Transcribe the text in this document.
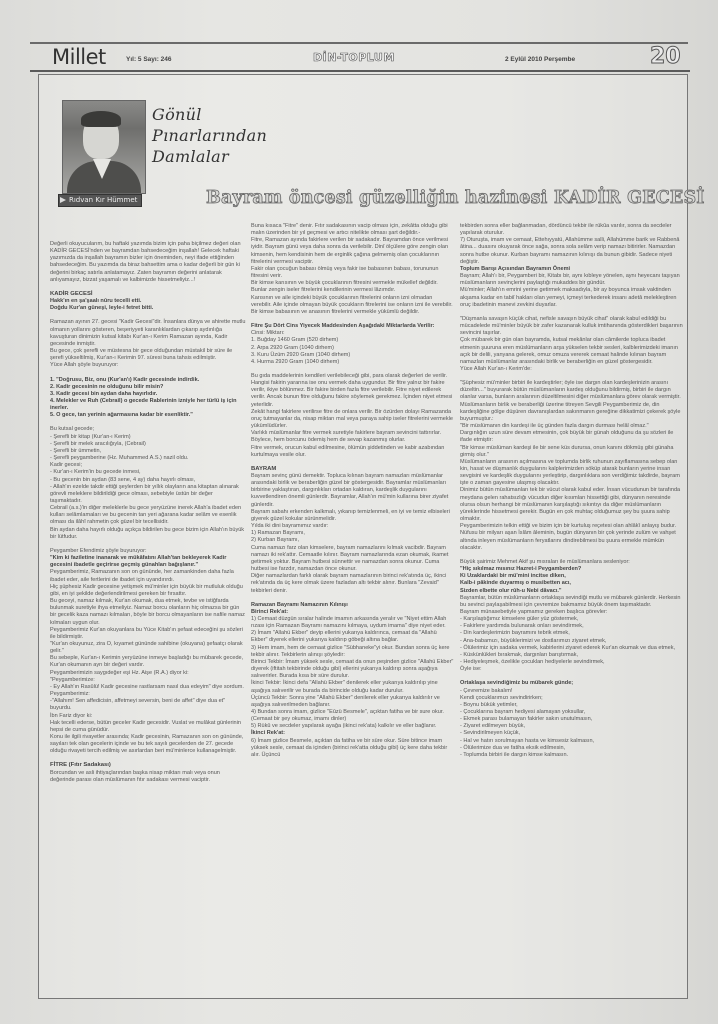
Millet	Yıl: 5 Sayı: 246	DİN-TOPLUM	2 Eylül 2010 Perşembe	20
Rıdvan Kır Hümmet
Gönül
Pınarlarından
Damlalar
Bayram öncesi güzelliğin hazinesi KADİR GECESİ

Değerli okuyucularım, bu haftaki yazımda bizim için paha biçilmez değeri olan KADİR GECESİ'nden ve bayramdan bahsedeceğim inşallah! Gelecek haftaki yazımızda da inşallah bayramın bizler için öneminden, neyi ifade ettiğinden bahsedeceğim. Bu yazımda da biraz bahsettim ama o kadar değerli bir gün ki değerini birkaç satırla anlatamayız. Zaten bayramın değerini anlatarak anlıyamayız, bizzat yaşamalı ve kalbimizde hissetmeliyiz...!

KADİR GECESİ

Hakk'ın en şa'şaalı nûru tecelli etti.

Doğdu Kur'an güneşi, leyle-i fetret bitti.

Ramazan ayının 27. gecesi "Kadir Gecesi"dir. İnsanlara dünya ve ahirette mutlu olmanın yollarını gösteren, beşeriyyeti karanlıklardan çıkarıp aydınlığa kavuşturan dinimizin kutsal kitabı Kur'an-ı Kerim Ramazan ayında, Kadir gecesinde inmiştir.

Bu gece, çok şerefli ve müstesna bir gece olduğundan müstakil bir süre ile şerefi yükseltilmiş, Kur'an-ı Kerimin 97. süresi buna tahsis edilmiştir.

Yüce Allah şöyle buyuruyor:

1. "Doğrusu, Biz, onu (Kur'an'ı) Kadir gecesinde indirdik.

2. Kadir gecesinin ne olduğunu bilir misin?

3. Kadir gecesi bin aydan daha hayırlıdır.

4. Melekler ve Ruh (Cebrail) o gecede Rablerinin izniyle her türlü iş için inerler.

5. O gece, tan yerinin ağarmasına kadar bir esenliktir."

Bu kutsal gecede;

- Şerefli bir kitap (Kur'an-ı Kerim)

- Şerefli bir melek aracılığıyla, (Cebrail)

- Şerefli bir ümmetin,

- Şerefli peygamberine (Hz. Muhammed A.S.) nazil oldu.

Kadir gecesi;

- Kur'an-ı Kerim'in bu gecede inmesi,

- Bu gecenin bin aydan (83 sene, 4 ay) daha hayırlı olması,

- Allah'ın ezelde takdir ettiği şeylerden bir yıllık olayların ana kitaptan alınarak görevli meleklere bildirildiği gece olması, sebebiyle üstün bir değer taşımaktadır.

Cebrail (a.s.)'in diğer meleklerle bu gece yeryüzüne inerek Allah'a ibadet eden kulları selâmlamaları ve bu gecenin tan yeri ağarana kadar selâm ve esenlik olması da ilâhî rahmetin çok güzel bir tecellisidir.

Bin aydan daha hayırlı olduğu açıkça bildirilen bu gece bizim için Allah'ın büyük bir lütfudur.

Peygamber Efendimiz şöyle buyuruyor:

"Kim ki faziletine inanarak ve mükâfatını Allah'tan bekleyerek Kadir gecesini ibadetle geçirirse geçmiş günahları bağışlanır."

Peygamberimiz, Ramazanın son on gününde, her zamankinden daha fazla ibadet eder, aile fertlerini de ibadet için uyandırırdı.

Hiç şüphesiz Kadir gecesine yetişmek mü'minler için büyük bir mutluluk olduğu gibi, en iyi şekilde değerlendirilmesi gereken bir fırsattır.

Bu geceyi, namaz kılmak, Kur'an okumak, dua etmek, tevbe ve istiğfarda bulunmak suretiyle ihya etmeliyiz. Namaz borcu olanların hiç olmazsa bir gün bir gecelik kaza namazı kılmaları, böyle bir borcu olmayanların ise nafile namaz kılmaları uygun olur.

Peygamberimiz Kur'an okuyanlara bu Yüce Kitab'ın şefaat edeceğini şu sözleri ile bildirmiştir.

"Kur'an okuyunuz, zira O, kıyamet gününde sahibine (okuyana) şefaatçı olarak gelir."

Bu sebeple, Kur'an-ı Kerimin yeryüzüne inmeye başladığı bu mübarek gecede, Kur'an okumanın ayrı bir değeri vardır.

Peygamberimizin saygıdeğer eşi Hz. Aişe (R.A.) diyor ki:

"Peygamberimize:

- Ey Allah'ın Rasûlü! Kadir gecesine rastlarsam nasıl dua edeyim" diye sordum. Peygamberimiz:

-"Allahım! Sen affedicisin, affetmeyi seversin, beni de affet" diye dua et" buyurdu.

İbn Fariz diyor ki:

Hak tecelli ederse, bütün geceler Kadir gecesidir. Vuslat ve mulâkat günlerinin hepsi de cuma günüdür.

Konu ile ilgili rivayetler arasında; Kadir gecesinin, Ramazanın son on gününde, sayıları tek olan gecelerin içinde ve bu tek sayılı gecelerden de 27. gecede olduğu rivayeti tercih edilmiş ve asırlardan beri mü'minlerce kullanagelmiştir.

FİTRE (Fıtır Sadakası)

Borcundan ve asli ihtiyaçlarından başka nisap miktarı malı veya onun değerinde parası olan müslümanın fıtır sadakası vermesi vaciptir.

Buna kısaca "Fitre" denir. Fıtır sadakasının vacip olması için, zekâtta olduğu gibi malın üzerinden bir yıl geçmesi ve artıcı nitelikte olması şart değildir.-

Fitre, Ramazan ayında fakirlere verilen bir sadakadır. Bayramdan önce verilmesi iyidir. Bayram günü veya daha sonra da verilebilir. Dinî ölçülere göre zengin olan kimsenin, hem kendisinin hem de erginlik çağına gelmemiş olan çocuklarının fitrelerini vermesi vaciptir.

Fakir olan çocuğun babası ölmüş veya fakir ise babasının babası, torununun fitresini verir.

Bir kimse karısının ve büyük çocuklarının fitresini vermekle mükellef değildir. Bunlar zengin iseler fitrelerini kendilerinin vermesi lâzımdır.

Karısının ve aile içindeki büyük çocuklarının fitrelerini onların izni olmadan verebilir. Aile içinde olmayan büyük çocukların fitrelerini ise onların izni ile verebilir. Bir kimse babasının ve anasının fitrelerini vermekle yükümlü değildir.

Fitre Şu Dört Cins Yiyecek Maddesinden Aşağıdaki Miktarlarda Verilir:

Cinsi: Miktarı:

1. Buğday 1460 Gram (520 dirhem)

2. Arpa 2920 Gram (1040 dirhem)

3. Kuru Üzüm 2920 Gram (1040 dirhem)

4. Hurma 2920 Gram (1040 dirhem)

Bu gıda maddelerinin kendileri verilebileceği gibi, para olarak değerleri de verilir. Hangisi fakirin yararına ise onu vermek daha uygundur. Bir fitre yalnız bir fakire verilir, ikiye bölünmez. Bir fakire birden fazla fitre verilebilir. Fitre niyet edilerek verilir. Ancak bunun fitre olduğunu fakire söylemek gerekmez. İçinden niyet etmesi yeterlidir.

Zekât hangi fakirlere verilirse fitre de onlara verilir. Bir özürden dolayı Ramazanda oruç tutmayanlar da, nisap miktarı mal veya paraya sahip iseler fitrelerini vermekle yükümlüdürler.

Varlıklı müslümanlar fitre vermek suretiyle fakirlere bayram sevincini tattırırlar. Böylece, hem borcunu ödemiş hem de sevap kazanmış olurlar.

Fitre vermek, orucun kabul edilmesine, ölümün şiddetinden ve kabir azabından kurtulmaya vesile olur.

BAYRAM

Bayram sevinç günü demektir. Topluca kılınan bayram namazları müslümanlar arasındaki birlik ve beraberliğin güzel bir göstergesidir. Bayramlar müslümanları birbirine yaklaştıran, dargınlıkları ortadan kaldıran, kardeşlik duygularını kuvvetlendiren önemli günlerdir. Bayramlar, Allah'ın mü'min kullarına birer ziyafet günlerdir.

Bayram sabahı erkenden kalkmalı, yıkanıp temizlenmeli, en iyi ve temiz elbiseleri giyerek güzel kokular sürünmelidir.

Yılda iki dini bayramımız vardır:

1) Ramazan Bayramı,

2) Kurban Bayramı,

Cuma namazı farz olan kimselere, bayram namazlarını kılmak vacibdir. Bayram namazı iki rek'attır. Cemaatle kılınır. Bayram namazlarında ezan okumak, ikamet getirmek yoktur. Bayram hutbesi sünnettir ve namazdan sonra okunur. Cuma hutbesi ise farzdır, namazdan önce okunur.

Diğer namazlardan farklı olarak bayram namazlarının birinci rek'atında üç, ikinci rek'atında da üç kere olmak üzere fazladan altı tekbir alınır. Bunlara "Zevaid" tekbirleri denir.

Ramazan Bayramı Namazının Kılınışı

Birinci Rek'at:

1) Cemaat düzgün sıralar halinde imamın arkasında yeralır ve "Niyet ettim Allah rızası için Ramazan Bayramı namazını kılmaya, uydum imama" diye niyet eder.

2) İmam "Allahü Ekber" deyip ellerini yukarıya kaldırınca, cemaat da "Allahü Ekber" diyerek ellerini yukarıya kaldırıp göbeği altına bağlar.

3) Hem imam, hem de cemaat gizlice "Sübhaneke"yi okur. Bundan sonra üç kere tekbir alınır. Tekbirlerin alınışı şöyledir:

Birinci Tekbir: İmam yüksek sesle, cemaat da onun peşinden gizlice "Allahü Ekber" diyerek (iftitah tekbirinde olduğu gibi) ellerini yukarıya kaldırıp sonra aşağıya salıverirler. Burada kısa bir süre durulur.

İkinci Tekbir: İkinci defa "Allahü Ekber" denilerek eller yukarıya kaldırılıp yine aşağıya salıverilir ve burada da birincide olduğu kadar durulur.

Üçüncü Tekbir: Sonra yine "Allahü Ekber" denilerek eller yukarıya kaldırılır ve aşağıya salıverilmeden bağlanır.

4) Bundan sonra imam, gizlice "Eûzü Besmele", açıktan fatiha ve bir sure okur. (Cemaat bir şey okumaz, imamı dinler)

5) Rükû ve secdeler yapılarak ayağa (ikinci rek'ata) kalkılır ve eller bağlanır.

İkinci Rek'at:

6) İmam gizlice Besmele, açıktan da fatiha ve bir süre okur. Süre bitince imam yüksek sesle, cemaat da içinden (birinci rek'atta olduğu gibi) üç kere daha tekbir alır. Üçüncü

tekbirden sonra eller bağlanmadan, dördüncü tekbir ile rükûa varılır, sonra da secdeler yapılarak oturulur.

7) Oturuşta, imam ve cemaat, Ettehıyyatü, Allahümme salli, Allahümme barik ve Rabbenâ âtina... duasını okuyarak önce sağa, sonra sola selâm verip namazı bitirirler. Namazdan sonra hutbe okunur. Kurban bayramı namazının kılınışı da bunun gibidir. Sadece niyeti değiştir.

Toplum Barışı Açısından Bayramın Önemi

Bayram; Allah'ı bir, Peygamberi bir, Kitabı bir, aynı kıbleye yönelen, aynı heyecanı taşıyan müslümanların sevinçlerini paylaştığı mukaddes bir gündür.

Mü'minler; Allah'ın emrini yerine getirmek maksadıyla, bir ay boyunca imsak vaktinden akşama kadar en tabiî hakları olan yemeyi, içmeyi terkederek insanı adetâ melekleştiren oruç ibadetinin manevi zevkini duyarlar.

"Düşmanla savaşın küçük cihat, nefisle savaşın büyük cihat" olarak kabul edildiği bu mücadelede mü'minler büyük bir zafer kazanarak kulluk imtihanında gösterdikleri başarının sevincini taşırlar.

Çok mübarek bir gün olan bayramda, kutsal mekânlar olan câmilerde topluca ibadet etmenin şuuruna eren müslümanların arşa yükselen tekbir sesleri, kalblerimizdeki imanın açık bir delili, yanyana gelerek, omuz omuza vererek cemaat halinde kılınan bayram namazları müslümanlar arasındaki birlik ve beraberliğin en güzel göstergesidir.

Yüce Allah Kur'an-ı Kerim'de:

"Şüphesiz mü'minler birbiri ile kardeştirler; öyle ise dargın olan kardeşlerinizin arasını düzeltin..." buyurarak bütün müslümanların kardeş olduğunu bildirmiş, birbiri ile dargın olanlar varsa, bunların aralarının düzeltilmesini diğer müslümanlara görev olarak vermiştir.

Müslümanların birlik ve beraberliği üzerine titreyen Sevgili Peygamberimiz de, din kardeşliğine gölge düşüren davranışlardan sakınmanın gereğine dikkatimizi çekerek şöyle buyurmuştur.:

"Bir müslümanın din kardeşi ile üç günden fazla dargın durması helâl olmaz."

Dargınlığın uzun süre devam etmesinin, çok büyük bir günah olduğunu da şu sözleri ile ifade etmiştir:

"Bir kimse müslüman kardeşi ile bir sene küs durursa, onun kanını dökmüş gibi günaha girmiş olur."

Müslümanların arasının açılmasına ve toplumda birlik ruhunun zayıflamasına sebep olan kin, hasat ve düşmanlık duygularını kalplerimizden söküp atarak bunların yerine insan sevgisini ve kardeşlik duygularını yerleştirip, dargınlıklara son verdiğimiz takdirde, bayram işte o zaman gayesine ulaşmış olacaktır.

Dinimiz bütün müslümanları tek bir vücut olarak kabul eder. İnsan vücudunun bir tarafında meydana gelen rahatsızlığı vücudun diğer kısımları hissettiği gibi, dünyanın neresinde olursa olsun herhangi bir müslümanın karşılaştığı sıkıntıyı da diğer müslümanların yüreklerinde hissetmesi gerekir. Bugün en çok muhtaç olduğumuz şey bu şuura sahip olmaktır.

Peygamberimizin telkin ettiği ve bizim için bir kurtuluş reçetesi olan ahlâkî anlayış budur. Nüfusu bir milyarı aşan İslâm âleminin, bugün dünyanın bir çok yerinde zulüm ve vahşet altında inleyen müslümanların feryatlarını dindirebilmesi bu şuura ermekle mümkün olacaktır.

Büyük şairimiz Mehmet Akif şu mısraları ile müslümanlara sesleniyor:

"Hiç sıkılmaz mısınız Hazret-i Peygamberden?

Ki Uzaklardaki bir mü'mini incitse diken,

Kalb-i pâkinde duyarmış o musibetten acı,

Sizden elbette olur rûh-u Nebi dâvacı."

Bayramlar, bütün müslümanların ortaklaşa sevindiği mutlu ve mübarek günlerdir. Herkesin bu sevinci paylaşabilmesi için çevremize bakmamız büyük önem taşımaktadır.

Bayram münasebetiyle yapmamız gereken başlıca görevler:

- Karşılaştığımız kimselere güler yüz göstermek,

- Fakirlere yardımda bulunarak onları sevindirmek,

- Din kardeşlerimizin bayramını tebrik etmek,

- Ana-babamızı, büyüklerimizi ve dostlarımızı ziyaret etmek,

- Ölülerimiz için sadaka vermek, kabirlerini ziyaret ederek Kur'an okumak ve dua etmek,

- Küskünlükleri bırakmak, dargınları barıştırmak,

- Hediyeleşmek, özelikle çocukları hediyelerle sevindirmek,

Öyle ise:

Ortaklaşa sevindiğimiz bu mübarek günde;

- Çevremize bakalım!

Kendi çocuklarımızı sevindirirken;

- Boynu bükük yetimler,

- Çocuklarına bayram hediyesi alamayan yoksullar,

- Ekmek parası bulamayan fakirler sakın unutulmasın,

- Ziyaret edilmeyen büyük,

- Sevindirilmeyen küçük,

- Hal ve hatırı sorulmayan hasta ve kimsesiz kalmasın,

- Ölülerimize dua ve fatiha eksik edilmesin,

- Toplumda birbiri ile dargın kimse kalmasın.
